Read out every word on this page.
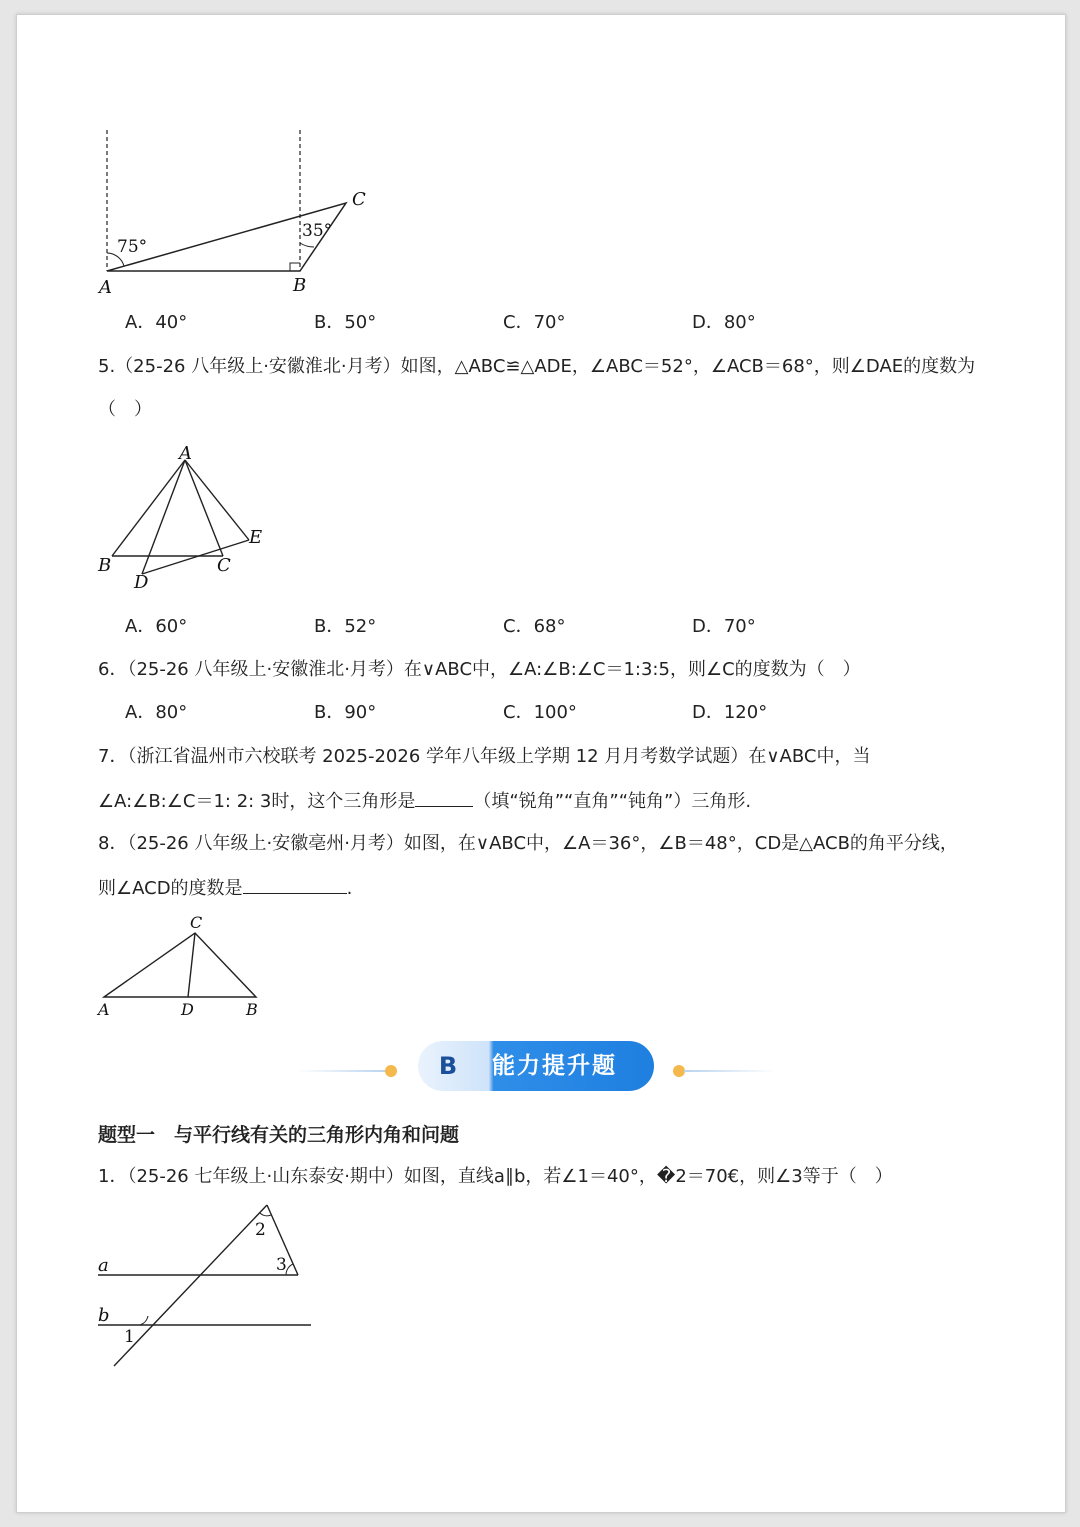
A	B
C
75°
35°
A．40°	B．50°	C．70°	D．80°
5.（25-26 八年级上·安徽淮北·月考）如图，△ABC≌△ADE，∠ABC＝52°，∠ACB＝68°，则∠DAE的度数为
（　）
A
B	C
D
E
A．60°	B．52°	C．68°	D．70°
6．（25-26 八年级上·安徽淮北·月考）在∨ABC中，∠A:∠B:∠C＝1:3:5，则∠C的度数为（　）
A．80°	B．90°	C．100°	D．120°
7．（浙江省温州市六校联考 2025-2026 学年八年级上学期 12 月月考数学试题）在∨ABC中，当
∠A:∠B:∠C＝1: 2: 3时，这个三角形是	（填“锐角”“直角”“钝角”）三角形.
8．（25-26 八年级上·安徽亳州·月考）如图，在∨ABC中，∠A＝36°，∠B＝48°，CD是△ACB的角平分线，
则∠ACD的度数是	.
C
A	D	B
B	能力提升题
题型一　与平行线有关的三角形内角和问题
1．（25-26 七年级上·山东泰安·期中）如图，直线a∥b，若∠1＝40°，�2＝70€，则∠3等于（　）
a
b
1
2
3
